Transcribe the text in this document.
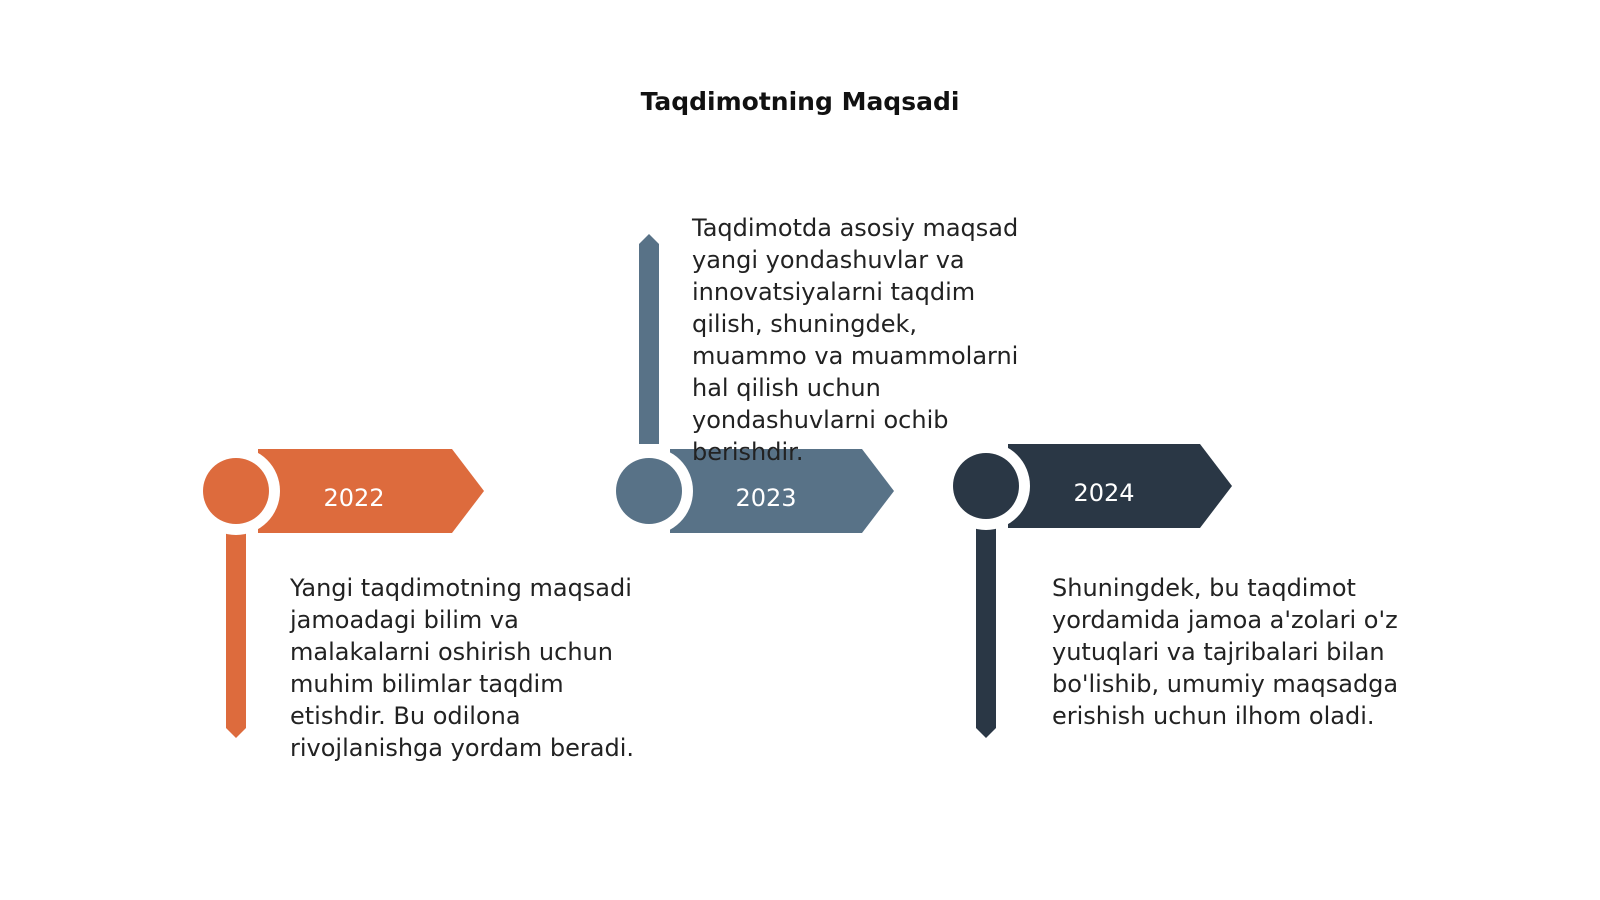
Taqdimotning Maqsadi
2022	2023	2024

Yangi taqdimotning maqsadi jamoadagi bilim va malakalarni oshirish uchun muhim bilimlar taqdim etishdir. Bu odilona rivojlanishga yordam beradi.

Taqdimotda asosiy maqsad yangi yondashuvlar va innovatsiyalarni taqdim qilish, shuningdek, muammo va muammolarni hal qilish uchun yondashuvlarni ochib berishdir.

Shuningdek, bu taqdimot yordamida jamoa a'zolari o'z yutuqlari va tajribalari bilan bo'lishib, umumiy maqsadga erishish uchun ilhom oladi.
